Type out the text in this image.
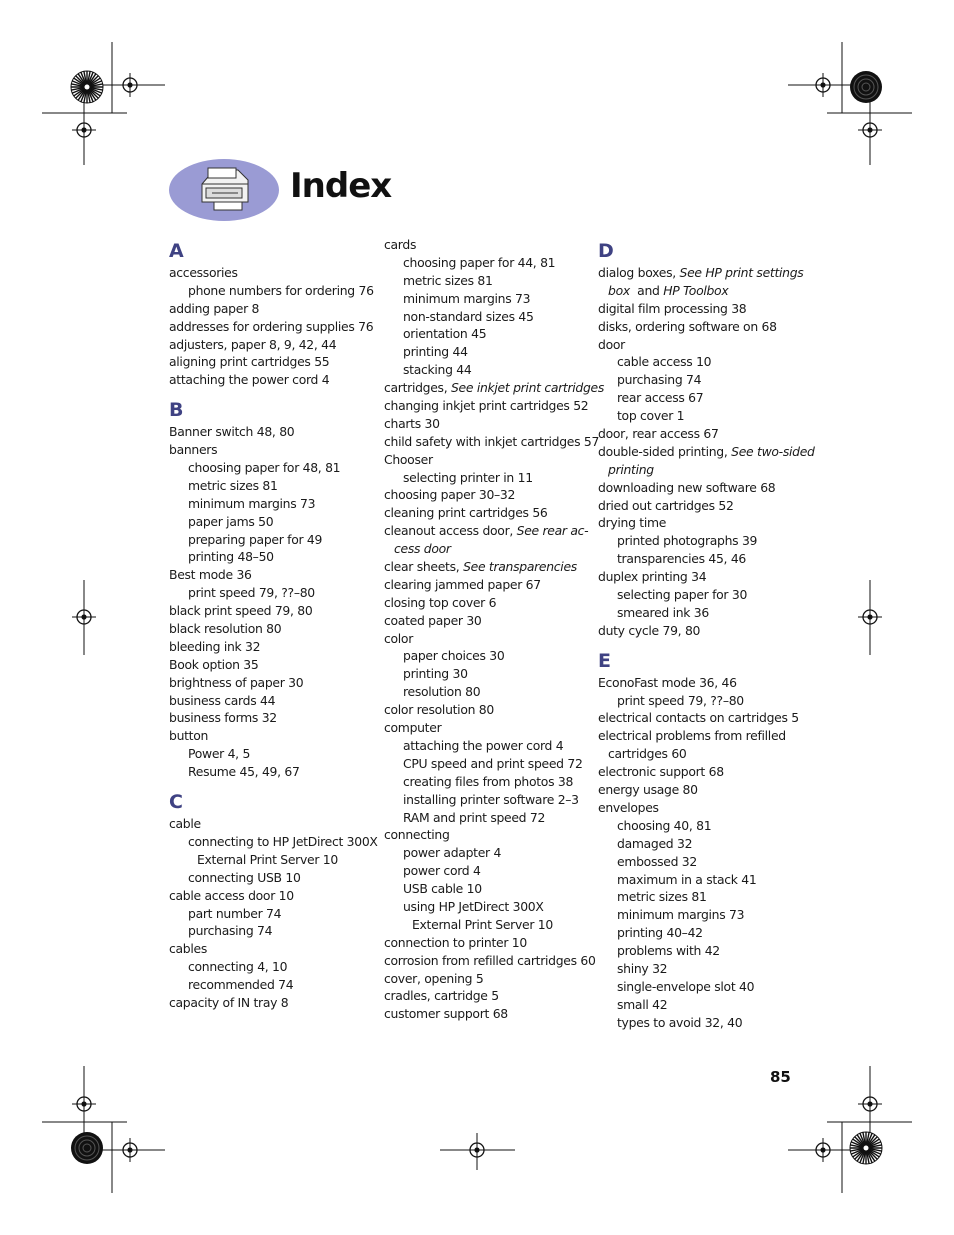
Index
A
accessories
phone numbers for ordering 76
adding paper 8
addresses for ordering supplies 76
adjusters, paper 8, 9, 42, 44
aligning print cartridges 55
attaching the power cord 4
B
Banner switch 48, 80
banners
choosing paper for 48, 81
metric sizes 81
minimum margins 73
paper jams 50
preparing paper for 49
printing 48–50
Best mode 36
print speed 79, ??–80
black print speed 79, 80
black resolution 80
bleeding ink 32
Book option 35
brightness of paper 30
business cards 44
business forms 32
button
Power 4, 5
Resume 45, 49, 67
C
cable
connecting to HP JetDirect 300X
External Print Server 10
connecting USB 10
cable access door 10
part number 74
purchasing 74
cables
connecting 4, 10
recommended 74
capacity of IN tray 8
cards
choosing paper for 44, 81
metric sizes 81
minimum margins 73
non-standard sizes 45
orientation 45
printing 44
stacking 44
cartridges, See inkjet print cartridges
changing inkjet print cartridges 52
charts 30
child safety with inkjet cartridges 57
Chooser
selecting printer in 11
choosing paper 30–32
cleaning print cartridges 56
cleanout access door, See rear ac-
cess door
clear sheets, See transparencies
clearing jammed paper 67
closing top cover 6
coated paper 30
color
paper choices 30
printing 30
resolution 80
color resolution 80
computer
attaching the power cord 4
CPU speed and print speed 72
creating files from photos 38
installing printer software 2–3
RAM and print speed 72
connecting
power adapter 4
power cord 4
USB cable 10
using HP JetDirect 300X
External Print Server 10
connection to printer 10
corrosion from refilled cartridges 60
cover, opening 5
cradles, cartridge 5
customer support 68
D
dialog boxes, See HP print settings
box  and HP Toolbox
digital film processing 38
disks, ordering software on 68
door
cable access 10
purchasing 74
rear access 67
top cover 1
door, rear access 67
double-sided printing, See two-sided
printing
downloading new software 68
dried out cartridges 52
drying time
printed photographs 39
transparencies 45, 46
duplex printing 34
selecting paper for 30
smeared ink 36
duty cycle 79, 80
E
EconoFast mode 36, 46
print speed 79, ??–80
electrical contacts on cartridges 5
electrical problems from refilled
cartridges 60
electronic support 68
energy usage 80
envelopes
choosing 40, 81
damaged 32
embossed 32
maximum in a stack 41
metric sizes 81
minimum margins 73
printing 40–42
problems with 42
shiny 32
single-envelope slot 40
small 42
types to avoid 32, 40
85
